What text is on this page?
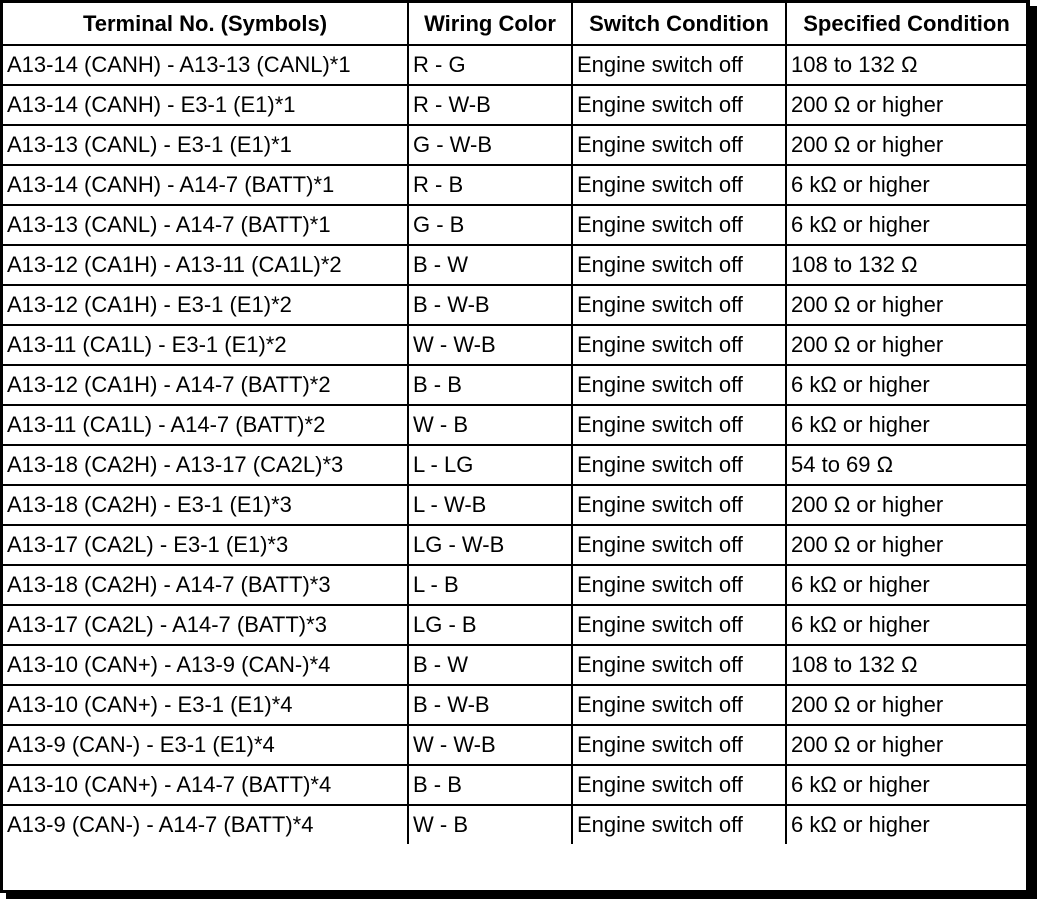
Terminal No. (Symbols)	Wiring Color	Switch Condition	Specified Condition
A13-14 (CANH) - A13-13 (CANL)*1	R - G	Engine switch off	108 to 132 Ω
A13-14 (CANH) - E3-1 (E1)*1	R - W-B	Engine switch off	200 Ω or higher
A13-13 (CANL) - E3-1 (E1)*1	G - W-B	Engine switch off	200 Ω or higher
A13-14 (CANH) - A14-7 (BATT)*1	R - B	Engine switch off	6 kΩ or higher
A13-13 (CANL) - A14-7 (BATT)*1	G - B	Engine switch off	6 kΩ or higher
A13-12 (CA1H) - A13-11 (CA1L)*2	B - W	Engine switch off	108 to 132 Ω
A13-12 (CA1H) - E3-1 (E1)*2	B - W-B	Engine switch off	200 Ω or higher
A13-11 (CA1L) - E3-1 (E1)*2	W - W-B	Engine switch off	200 Ω or higher
A13-12 (CA1H) - A14-7 (BATT)*2	B - B	Engine switch off	6 kΩ or higher
A13-11 (CA1L) - A14-7 (BATT)*2	W - B	Engine switch off	6 kΩ or higher
A13-18 (CA2H) - A13-17 (CA2L)*3	L - LG	Engine switch off	54 to 69 Ω
A13-18 (CA2H) - E3-1 (E1)*3	L - W-B	Engine switch off	200 Ω or higher
A13-17 (CA2L) - E3-1 (E1)*3	LG - W-B	Engine switch off	200 Ω or higher
A13-18 (CA2H) - A14-7 (BATT)*3	L - B	Engine switch off	6 kΩ or higher
A13-17 (CA2L) - A14-7 (BATT)*3	LG - B	Engine switch off	6 kΩ or higher
A13-10 (CAN+) - A13-9 (CAN-)*4	B - W	Engine switch off	108 to 132 Ω
A13-10 (CAN+) - E3-1 (E1)*4	B - W-B	Engine switch off	200 Ω or higher
A13-9 (CAN-) - E3-1 (E1)*4	W - W-B	Engine switch off	200 Ω or higher
A13-10 (CAN+) - A14-7 (BATT)*4	B - B	Engine switch off	6 kΩ or higher
A13-9 (CAN-) - A14-7 (BATT)*4	W - B	Engine switch off	6 kΩ or higher
